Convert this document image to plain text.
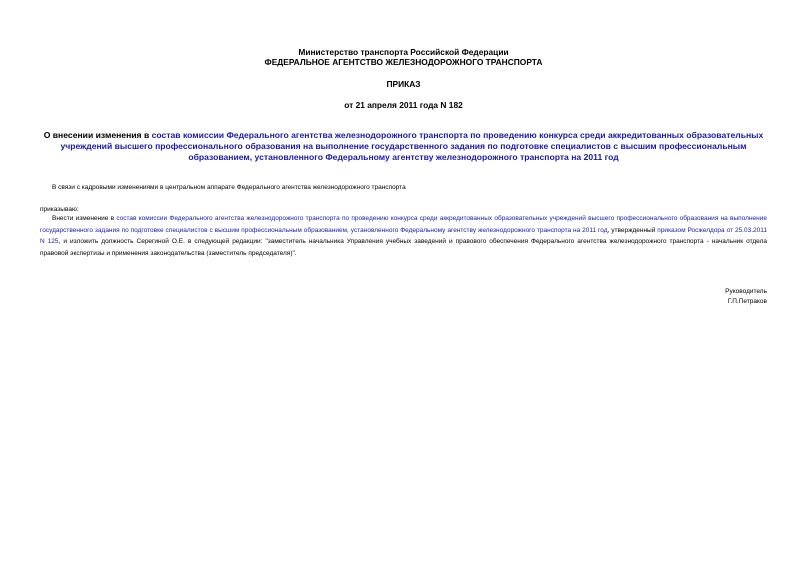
Министерство транспорта Российской Федерации
ФЕДЕРАЛЬНОЕ АГЕНТСТВО ЖЕЛЕЗНОДОРОЖНОГО ТРАНСПОРТА
ПРИКАЗ
от 21 апреля 2011 года N 182
О внесении изменения в состав комиссии Федерального агентства железнодорожного транспорта по проведению конкурса среди аккредитованных образовательных учреждений высшего профессионального образования на выполнение государственного задания по подготовке специалистов с высшим профессиональным образованием, установленного Федеральному агентству железнодорожного транспорта на 2011 год
В связи с кадровыми изменениями в центральном аппарате Федерального агентства железнодорожного транспорта
приказываю:
Внести изменение в состав комиссии Федерального агентства железнодорожного транспорта по проведению конкурса среди аккредитованных образовательных учреждений высшего профессионального образования на выполнение государственного задания по подготовке специалистов с высшим профессиональным образованием, установленного Федеральному агентству железнодорожного транспорта на 2011 год, утвержденный приказом Росжелдора от 25.03.2011 N 125, и изложить должность Серегиной О.Е. в следующей редакции: "заместитель начальника Управления учебных заведений и правового обеспечения Федерального агентства железнодорожного транспорта - начальник отдела правовой экспертизы и применения законодательства (заместитель председателя)".
Руководитель
Г.П.Петраков
